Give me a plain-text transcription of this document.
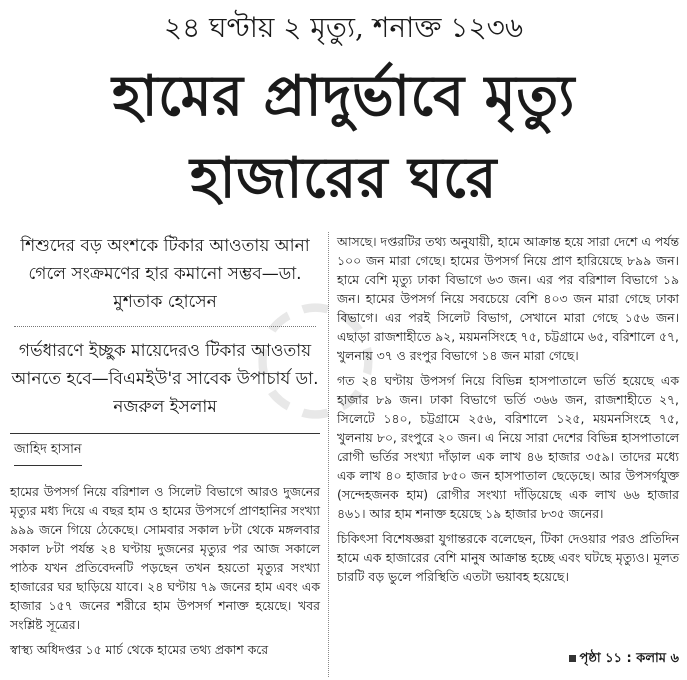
২৪ ঘণ্টায় ২ মৃত্যু, শনাক্ত ১২৩৬
হামের প্রাদুর্ভাবে মৃত্যু
হাজারের ঘরে
◌

শিশুদের বড় অংশকে টিকার আওতায় আনা গেলে সংক্রমণের হার কমানো সম্ভব—ডা. মুশতাক হোসেন

গর্ভধারণে ইচ্ছুক মায়েদেরও টিকার আওতায় আনতে হবে—বিএমইউ'র সাবেক উপাচার্য ডা. নজরুল ইসলাম

জাহিদ হাসান

হামের উপসর্গ নিয়ে বরিশাল ও সিলেট বিভাগে আরও দুজনের মৃত্যুর মধ্য দিয়ে এ বছর হাম ও হামের উপসর্গে প্রাণহানির সংখ্যা ৯৯৯ জনে গিয়ে ঠেকেছে। সোমবার সকাল ৮টা থেকে মঙ্গলবার সকাল ৮টা পর্যন্ত ২৪ ঘণ্টায় দুজনের মৃত্যুর পর আজ সকালে পাঠক যখন প্রতিবেদনটি পড়ছেন তখন হয়তো মৃত্যুর সংখ্যা হাজারের ঘর ছাড়িয়ে যাবে। ২৪ ঘণ্টায় ৭৯ জনের হাম এবং এক হাজার ১৫৭ জনের শরীরে হাম উপসর্গ শনাক্ত হয়েছে। খবর সংশ্লিষ্ট সূত্রের।

স্বাস্থ্য অধিদপ্তর ১৫ মার্চ থেকে হামের তথ্য প্রকাশ করে

আসছে। দপ্তরটির তথ্য অনুযায়ী, হামে আক্রান্ত হয়ে সারা দেশে এ পর্যন্ত ১০০ জন মারা গেছে। হামের উপসর্গ নিয়ে প্রাণ হারিয়েছে ৮৯৯ জন। হামে বেশি মৃত্যু ঢাকা বিভাগে ৬৩ জন। এর পর বরিশাল বিভাগে ১৯ জন। হামের উপসর্গ নিয়ে সবচেয়ে বেশি ৪০৩ জন মারা গেছে ঢাকা বিভাগে। এর পরই সিলেট বিভাগ, সেখানে মারা গেছে ১৫৬ জন। এছাড়া রাজশাহীতে ৯২, ময়মনসিংহে ৭৫, চট্টগ্রামে ৬৫, বরিশালে ৫৭, খুলনায় ৩৭ ও রংপুর বিভাগে ১৪ জন মারা গেছে।

গত ২৪ ঘণ্টায় উপসর্গ নিয়ে বিভিন্ন হাসপাতালে ভর্তি হয়েছে এক হাজার ৮৯ জন। ঢাকা বিভাগে ভর্তি ৩৬৬ জন, রাজশাহীতে ২৭, সিলেটে ১৪০, চট্টগ্রামে ২৫৬, বরিশালে ১২৫, ময়মনসিংহে ৭৫, খুলনায় ৮০, রংপুরে ২০ জন। এ নিয়ে সারা দেশের বিভিন্ন হাসপাতালে রোগী ভর্তির সংখ্যা দাঁড়াল এক লাখ ৪৬ হাজার ৩৫৯। তাদের মধ্যে এক লাখ ৪০ হাজার ৮৫০ জন হাসপাতাল ছেড়েছে। আর উপসর্গযুক্ত (সন্দেহজনক হাম) রোগীর সংখ্যা দাঁড়িয়েছে এক লাখ ৬৬ হাজার ৪৬১। আর হাম শনাক্ত হয়েছে ১৯ হাজার ৮৩৫ জনের।

চিকিৎসা বিশেষজ্ঞরা যুগান্তরকে বলেছেন, টিকা দেওয়ার পরও প্রতিদিন হামে এক হাজারের বেশি মানুষ আক্রান্ত হচ্ছে এবং ঘটছে মৃত্যুও। মূলত চারটি বড় ভুলে পরিস্থিতি এতটা ভয়াবহ হয়েছে।

পৃষ্ঠা ১১ : কলাম ৬
